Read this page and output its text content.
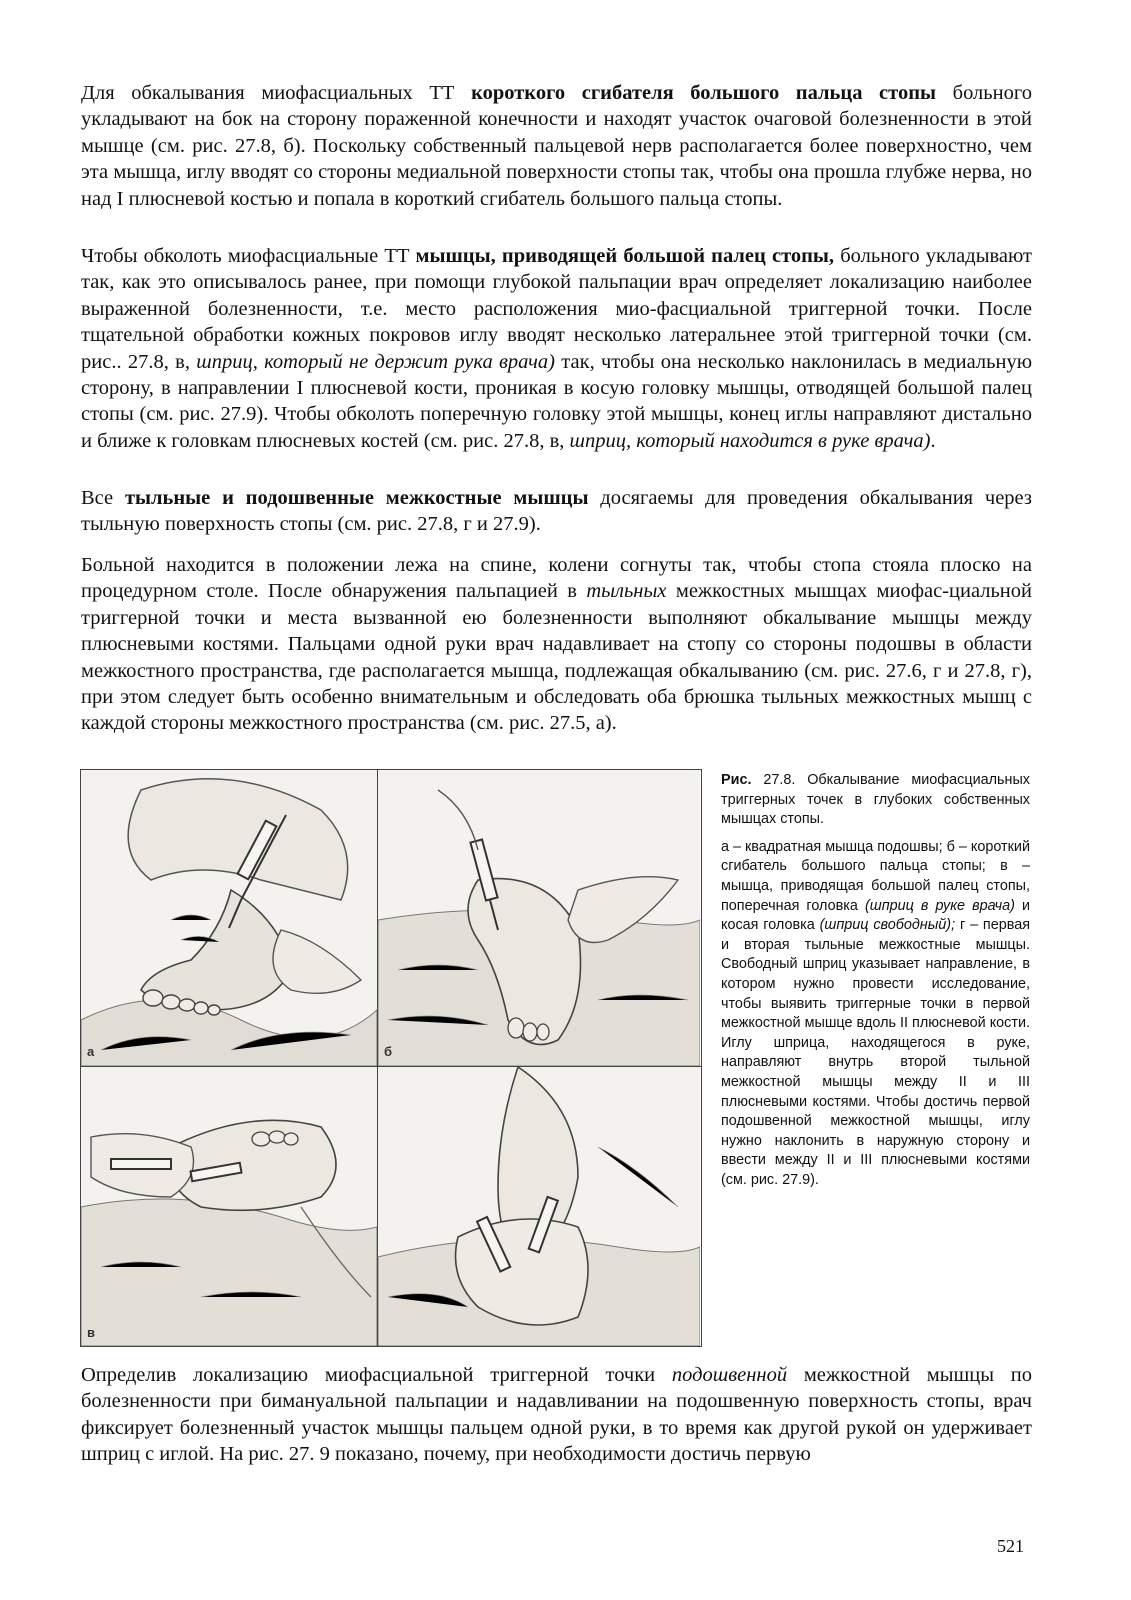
Для обкалывания миофасциальных ТТ короткого сгибателя большого пальца стопы больного укладывают на бок на сторону пораженной конечности и находят участок очаговой болезненности в этой мышце (см. рис. 27.8, б). Поскольку собственный пальцевой нерв располагается более поверхностно, чем эта мышца, иглу вводят со стороны медиальной поверхности стопы так, чтобы она прошла глубже нерва, но над I плюсневой костью и попала в короткий сгибатель большого пальца стопы.

Чтобы обколоть миофасциальные ТТ мышцы, приводящей большой палец стопы, больного укладывают так, как это описывалось ранее, при помощи глубокой пальпации врач определяет локализацию наиболее выраженной болезненности, т.е. место расположения мио-фасциальной триггерной точки. После тщательной обработки кожных покровов иглу вводят несколько латеральнее этой триггерной точки (см. рис.. 27.8, в, шприц, который не держит рука врача) так, чтобы она несколько наклонилась в медиальную сторону, в направлении I плюсневой кости, проникая в косую головку мышцы, отводящей большой палец стопы (см. рис. 27.9). Чтобы обколоть поперечную головку этой мышцы, конец иглы направляют дистально и ближе к головкам плюсневых костей (см. рис. 27.8, в, шприц, который находится в руке врача).

Все тыльные и подошвенные межкостные мышцы досягаемы для проведения обкалывания через тыльную поверхность стопы (см. рис. 27.8, г и 27.9).

Больной находится в положении лежа на спине, колени согнуты так, чтобы стопа стояла плоско на процедурном столе. После обнаружения пальпацией в тыльных межкостных мышцах миофас-циальной триггерной точки и места вызванной ею болезненности выполняют обкалывание мышцы между плюсневыми костями. Пальцами одной руки врач надавливает на стопу со стороны подошвы в области межкостного пространства, где располагается мышца, подлежащая обкалыванию (см. рис. 27.6, г и 27.8, г), при этом следует быть особенно внимательным и обследовать оба брюшка тыльных межкостных мышц с каждой стороны межкостного пространства (см. рис. 27.5, а).

а	б
в

Рис. 27.8. Обкалывание миофасциальных триггерных точек в глубоких собственных мышцах стопы.

а – квадратная мышца подошвы; б – короткий сгибатель большого пальца стопы; в – мышца, приводящая большой палец стопы, поперечная головка (шприц в руке врача) и косая головка (шприц свободный); г – первая и вторая тыльные межкостные мышцы. Свободный шприц указывает направление, в котором нужно провести исследование, чтобы выявить триггерные точки в первой межкостной мышце вдоль II плюсневой кости. Иглу шприца, находящегося в руке, направляют внутрь второй тыльной межкостной мышцы между II и III плюсневыми костями. Чтобы достичь первой подошвенной межкостной мышцы, иглу нужно наклонить в наружную сторону и ввести между II и III плюсневыми костями (см. рис. 27.9).

Определив локализацию миофасциальной триггерной точки подошвенной межкостной мышцы по болезненности при бимануальной пальпации и надавливании на подошвенную поверхность стопы, врач фиксирует болезненный участок мышцы пальцем одной руки, в то время как другой рукой он удерживает шприц с иглой. На рис. 27. 9 показано, почему, при необходимости достичь первую

521
